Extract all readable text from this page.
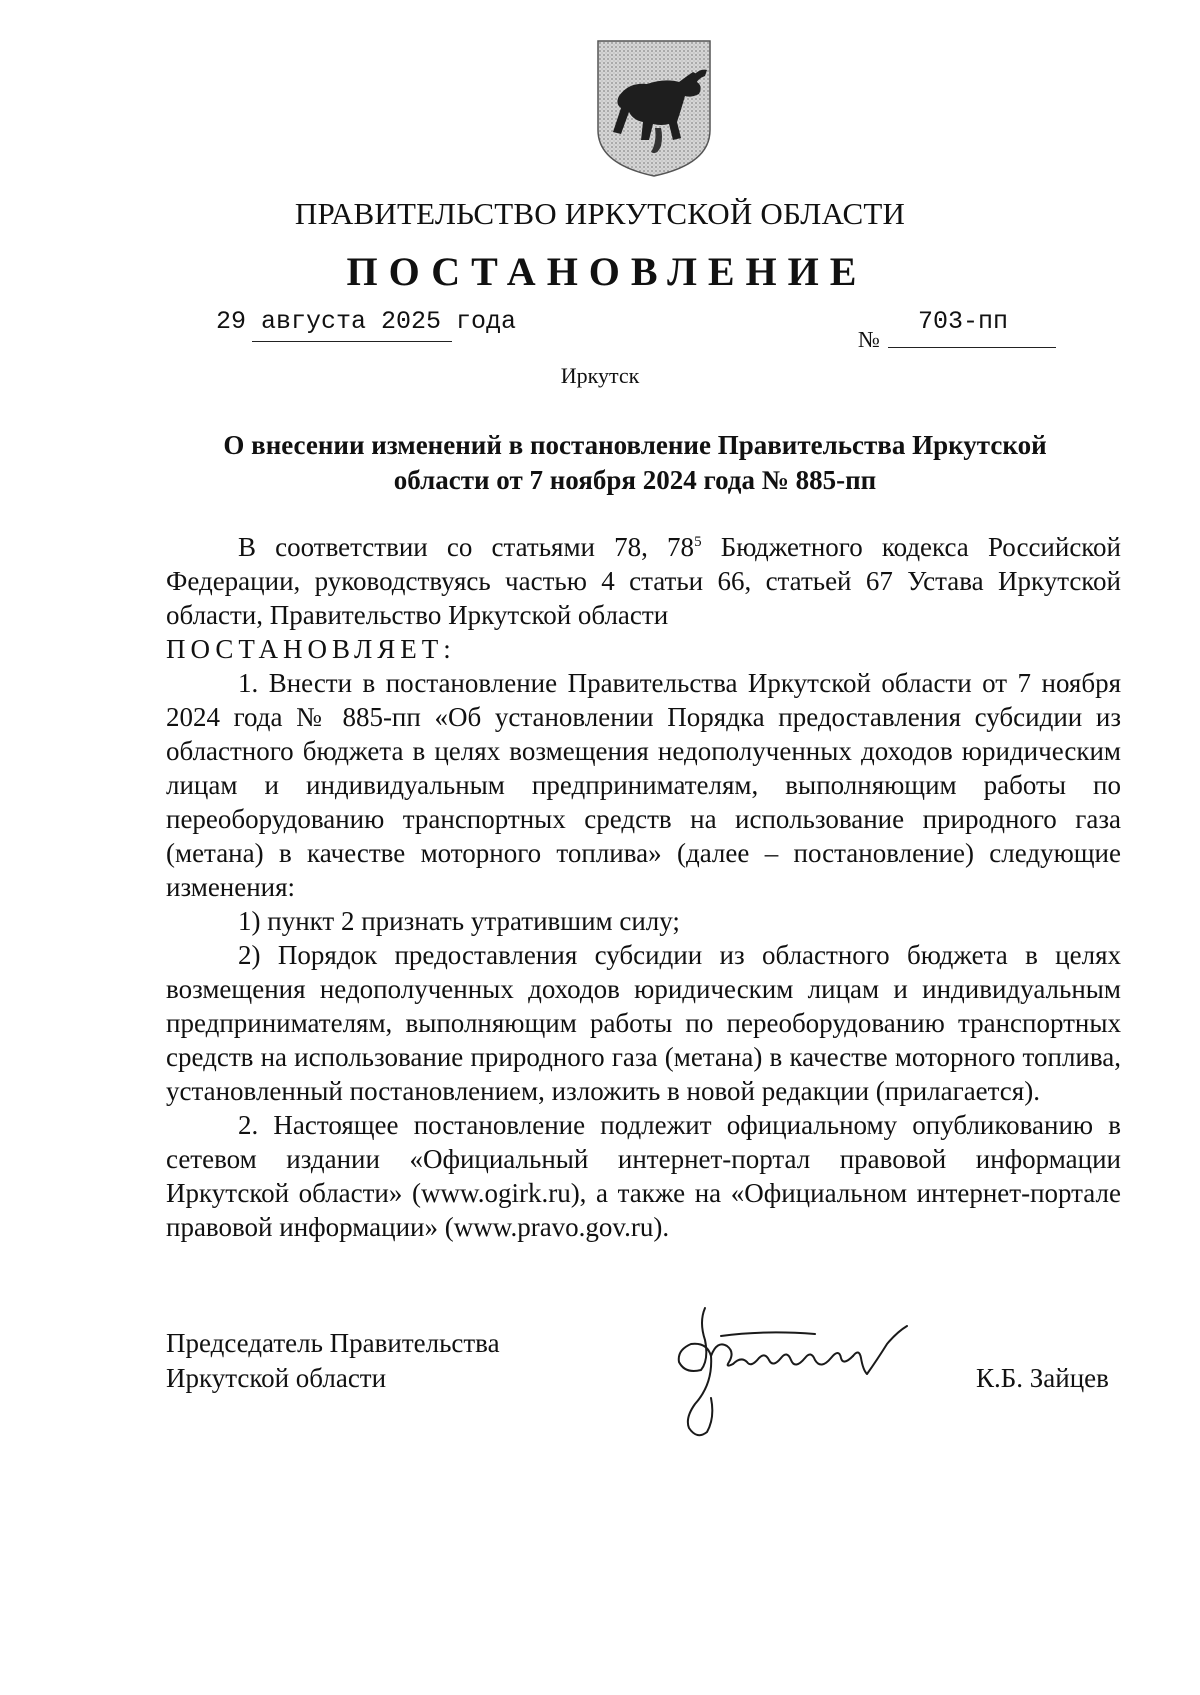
ПРАВИТЕЛЬСТВО ИРКУТСКОЙ ОБЛАСТИ
ПОСТАНОВЛЕНИЕ
29 августа 2025 года
№
703-пп
Иркутск
О внесении изменений в постановление Правительства Иркутской
области от 7 ноября 2024 года № 885-пп

В соответствии со статьями 78, $78^5$ Бюджетного кодекса Российской Федерации, руководствуясь частью 4 статьи 66, статьей 67 Устава Иркутской области, Правительство Иркутской области

ПОСТАНОВЛЯЕТ:

1. Внести в постановление Правительства Иркутской области от 7 ноября 2024 года № 885-пп «Об установлении Порядка предоставления субсидии из областного бюджета в целях возмещения недополученных доходов юридическим лицам и индивидуальным предпринимателям, выполняющим работы по переоборудованию транспортных средств на использование природного газа (метана) в качестве моторного топлива» (далее – постановление) следующие изменения:

1) пункт 2 признать утратившим силу;

2) Порядок предоставления субсидии из областного бюджета в целях возмещения недополученных доходов юридическим лицам и индивидуальным предпринимателям, выполняющим работы по переоборудованию транспортных средств на использование природного газа (метана) в качестве моторного топлива, установленный постановлением, изложить в новой редакции (прилагается).

2. Настоящее постановление подлежит официальному опубликованию в сетевом издании «Официальный интернет-портал правовой информации Иркутской области» (www.ogirk.ru), а также на «Официальном интернет-портале правовой информации» (www.pravo.gov.ru).

Председатель Правительства
Иркутской области	К.Б. Зайцев
